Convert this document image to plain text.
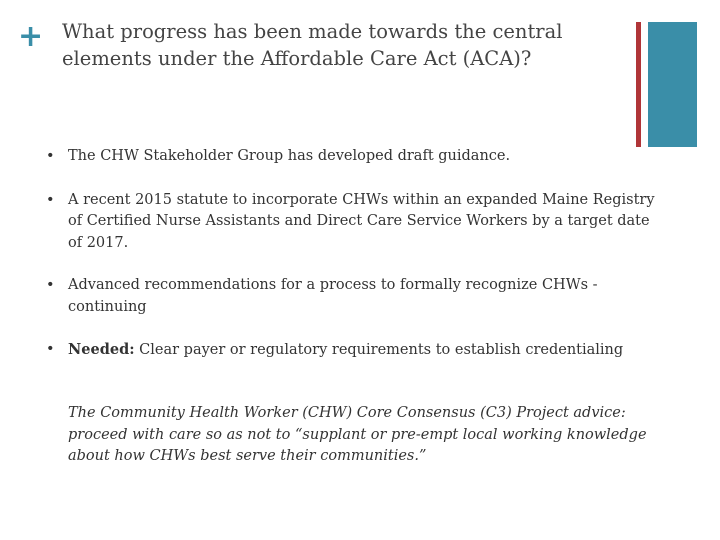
+ What progress has been made towards the central elements under the Affordable Care Act (ACA)?
• The CHW Stakeholder Group has developed draft guidance.
• A recent 2015 statute to incorporate CHWs within an expanded Maine Registry of Certified Nurse Assistants and Direct Care Service Workers by a target date of 2017.
• Advanced recommendations for a process to formally recognize CHWs -continuing
• Needed: Clear payer or regulatory requirements to establish credentialing
The Community Health Worker (CHW) Core Consensus (C3) Project advice: proceed with care so as not to “supplant or pre-empt local working knowledge about how CHWs best serve their communities.”
